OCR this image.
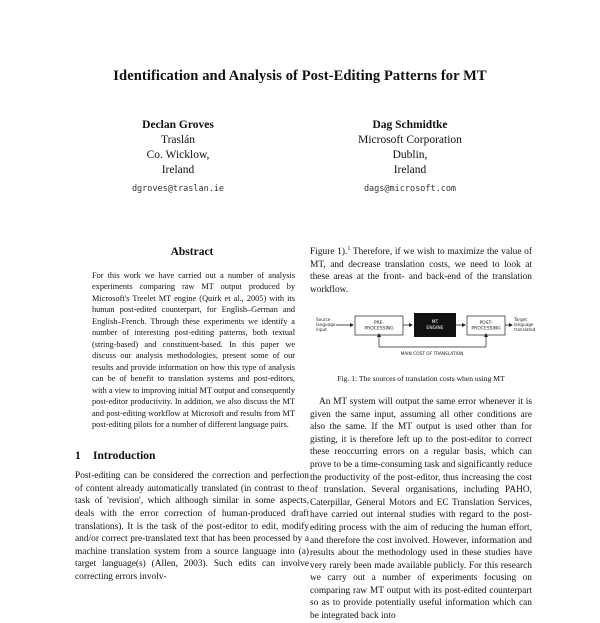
Identification and Analysis of Post-Editing Patterns for MT
Declan Groves
Traslán
Co. Wicklow,
Ireland
dgroves@traslan.ie
Dag Schmidtke
Microsoft Corporation
Dublin,
Ireland
dags@microsoft.com
Abstract

For this work we have carried out a number of analysis experiments comparing raw MT output produced by Microsoft's Treelet MT engine (Quirk et al., 2005) with its human post-edited counterpart, for English–German and English–French. Through these experiments we identify a number of interesting post-editing patterns, both textual (string-based) and constituent-based. In this paper we discuss our analysis methodologies, present some of our results and provide information on how this type of analysis can be of benefit to translation systems and post-editors, with a view to improving initial MT output and consequently post-editor productivity. In addition, we also discuss the MT and post-editing workflow at Microsoft and results from MT post-editing pilots for a number of different language pairs.

1 Introduction

Post-editing can be considered the correction and perfection of content already automatically translated (in contrast to the task of 'revision', which although similar in some aspects, deals with the error correction of human-produced draft translations). It is the task of the post-editor to edit, modify and/or correct pre-translated text that has been processed by a machine translation system from a source language into (a) target language(s) (Allen, 2003). Such edits can involve correcting errors involv-

Figure 1).$^1$ Therefore, if we wish to maximize the value of MT, and decrease translation costs, we need to look at these areas at the front- and back-end of the translation workflow.

Source
language
input
PRE-
PROCESSING
MT
ENGINE
POST-
PROCESSING
Target
language
translated
MAIN COST OF TRANSLATION
Fig. 1: The sources of translation costs when using MT

An MT system will output the same error whenever it is given the same input, assuming all other conditions are also the same. If the MT output is used other than for gisting, it is therefore left up to the post-editor to correct these reoccurring errors on a regular basis, which can prove to be a time-consuming task and significantly reduce the productivity of the post-editor, thus increasing the cost of translation. Several organisations, including PAHO, Caterpillar, General Motors and EC Translation Services, have carried out internal studies with regard to the post-editing process with the aim of reducing the human effort, and therefore the cost involved. However, information and results about the methodology used in these studies have very rarely been made available publicly. For this research we carry out a number of experiments focusing on comparing raw MT output with its post-edited counterpart so as to provide potentially useful information which can be integrated back into
